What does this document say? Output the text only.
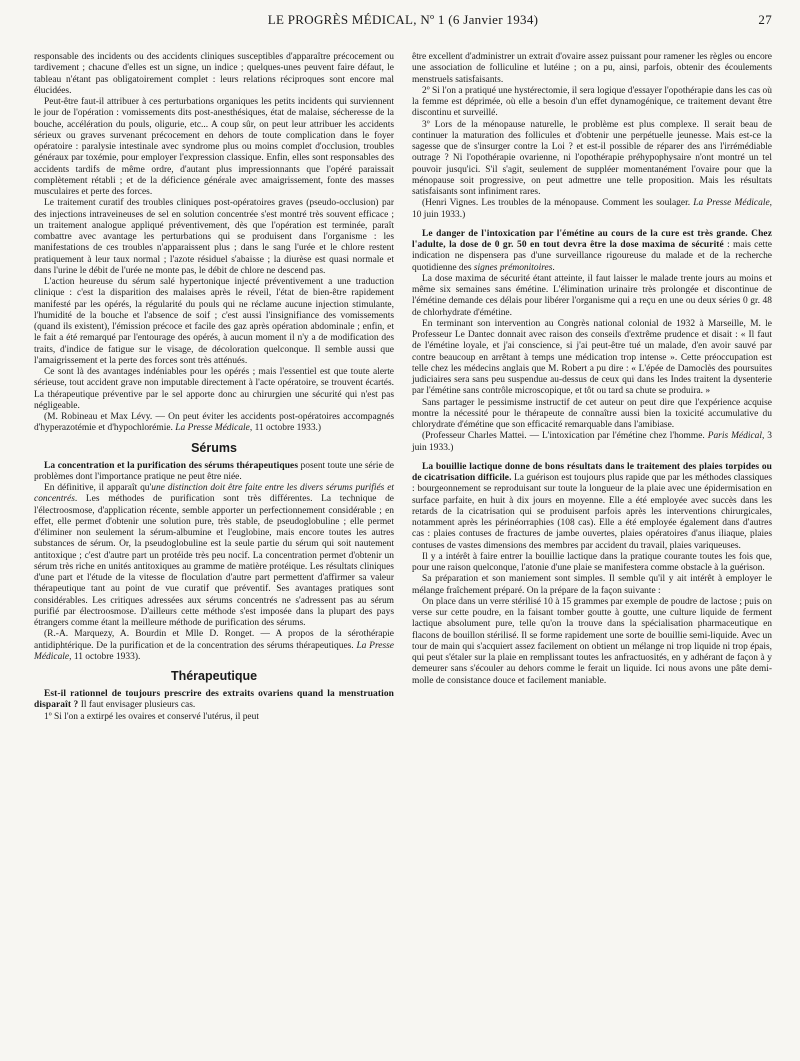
LE PROGRÈS MÉDICAL, Nº 1 (6 Janvier 1934)	27

responsable des incidents ou des accidents cliniques susceptibles d'apparaître précocement ou tardivement ; chacune d'elles est un signe, un indice ; quelques-unes peuvent faire défaut, le tableau n'étant pas obligatoirement complet : leurs relations réciproques sont encore mal élucidées.

Peut-être faut-il attribuer à ces perturbations organiques les petits incidents qui surviennent le jour de l'opération : vomissements dits post-anesthésiques, état de malaise, sécheresse de la bouche, accélération du pouls, oligurie, etc... A coup sûr, on peut leur attribuer les accidents sérieux ou graves survenant précocement en dehors de toute complication dans le foyer opératoire : paralysie intestinale avec syndrome plus ou moins complet d'occlusion, troubles généraux par toxémie, pour employer l'expression classique. Enfin, elles sont responsables des accidents tardifs de même ordre, d'autant plus impressionnants que l'opéré paraissait complètement rétabli ; et de la déficience générale avec amaigrissement, fonte des masses musculaires et perte des forces.

Le traitement curatif des troubles cliniques post-opératoires graves (pseudo-occlusion) par des injections intraveineuses de sel en solution concentrée s'est montré très souvent efficace ; un traitement analogue appliqué préventivement, dès que l'opération est terminée, paraît combattre avec avantage les perturbations qui se produisent dans l'organisme : les manifestations de ces troubles n'apparaissent plus ; dans le sang l'urée et le chlore restent pratiquement à leur taux normal ; l'azote résiduel s'abaisse ; la diurèse est quasi normale et dans l'urine le débit de l'urée ne monte pas, le débit de chlore ne descend pas.

L'action heureuse du sérum salé hypertonique injecté préventivement a une traduction clinique : c'est la disparition des malaises après le réveil, l'état de bien-être rapidement manifesté par les opérés, la régularité du pouls qui ne réclame aucune injection stimulante, l'humidité de la bouche et l'absence de soif ; c'est aussi l'insignifiance des vomissements (quand ils existent), l'émission précoce et facile des gaz après opération abdominale ; enfin, et le fait a été remarqué par l'entourage des opérés, à aucun moment il n'y a de modification des traits, d'indice de fatigue sur le visage, de décoloration quelconque. Il semble aussi que l'amaigrissement et la perte des forces sont très atténués.

Ce sont là des avantages indéniables pour les opérés ; mais l'essentiel est que toute alerte sérieuse, tout accident grave non imputable directement à l'acte opératoire, se trouvent écartés. La thérapeutique préventive par le sel apporte donc au chirurgien une sécurité qui n'est pas négligeable.

(M. Robineau et Max Lévy. — On peut éviter les accidents post-opératoires accompagnés d'hyperazotémie et d'hypochlorémie. La Presse Médicale, 11 octobre 1933.)

Sérums

La concentration et la purification des sérums thérapeutiques posent toute une série de problèmes dont l'importance pratique ne peut être niée.

En définitive, il apparaît qu'une distinction doit être faite entre les divers sérums purifiés et concentrés. Les méthodes de purification sont très différentes. La technique de l'électroosmose, d'application récente, semble apporter un perfectionnement considérable ; en effet, elle permet d'obtenir une solution pure, très stable, de pseudoglobuline ; elle permet d'éliminer non seulement la sérum-albumine et l'euglobine, mais encore toutes les autres substances de sérum. Or, la pseudoglobuline est la seule partie du sérum qui soit nautement antitoxique ; c'est d'autre part un protéide très peu nocif. La concentration permet d'obtenir un sérum très riche en unités antitoxiques au gramme de matière protéique. Les résultats cliniques d'une part et l'étude de la vitesse de floculation d'autre part permettent d'affirmer sa valeur thérapeutique tant au point de vue curatif que préventif. Ses avantages pratiques sont considérables. Les critiques adressées aux sérums concentrés ne s'adressent pas au sérum purifié par électroosmose. D'ailleurs cette méthode s'est imposée dans la plupart des pays étrangers comme étant la meilleure méthode de purification des sérums.

(R.-A. Marquezy, A. Bourdin et Mlle D. Ronget. — A propos de la sérothérapie antidiphtérique. De la purification et de la concentration des sérums thérapeutiques. La Presse Médicale, 11 octobre 1933).

Thérapeutique

Est-il rationnel de toujours prescrire des extraits ovariens quand la menstruation disparaît ? Il faut envisager plusieurs cas.

1º Si l'on a extirpé les ovaires et conservé l'utérus, il peut

être excellent d'administrer un extrait d'ovaire assez puissant pour ramener les règles ou encore une association de folliculine et lutéine ; on a pu, ainsi, parfois, obtenir des écoulements menstruels satisfaisants.

2º Si l'on a pratiqué une hystérectomie, il sera logique d'essayer l'opothérapie dans les cas où la femme est déprimée, où elle a besoin d'un effet dynamogénique, ce traitement devant être discontinu et surveillé.

3º Lors de la ménopause naturelle, le problème est plus complexe. Il serait beau de continuer la maturation des follicules et d'obtenir une perpétuelle jeunesse. Mais est-ce la sagesse que de s'insurger contre la Loi ? et est-il possible de réparer des ans l'irrémédiable outrage ? Ni l'opothérapie ovarienne, ni l'opothérapie préhypophysaire n'ont montré un tel pouvoir jusqu'ici. S'il s'agit, seulement de suppléer momentanément l'ovaire pour que la ménopause soit progressive, on peut admettre une telle proposition. Mais les résultats satisfaisants sont infiniment rares.

(Henri Vignes. Les troubles de la ménopause. Comment les soulager. La Presse Médicale, 10 juin 1933.)

Le danger de l'intoxication par l'émétine au cours de la cure est très grande. Chez l'adulte, la dose de 0 gr. 50 en tout devra être la dose maxima de sécurité : mais cette indication ne dispensera pas d'une surveillance rigoureuse du malade et de la recherche quotidienne des signes prémonitoires.

La dose maxima de sécurité étant atteinte, il faut laisser le malade trente jours au moins et même six semaines sans émétine. L'élimination urinaire très prolongée et discontinue de l'émétine demande ces délais pour libérer l'organisme qui a reçu en une ou deux séries 0 gr. 48 de chlorhydrate d'émétine.

En terminant son intervention au Congrès national colonial de 1932 à Marseille, M. le Professeur Le Dantec donnait avec raison des conseils d'extrême prudence et disait : « Il faut de l'émétine loyale, et j'ai conscience, si j'ai peut-être tué un malade, d'en avoir sauvé par contre beaucoup en arrêtant à temps une médication trop intense ». Cette préoccupation est telle chez les médecins anglais que M. Robert a pu dire : « L'épée de Damoclès des poursuites judiciaires sera sans peu suspendue au-dessus de ceux qui dans les Indes traitent la dysenterie par l'émétine sans contrôle microscopique, et tôt ou tard sa chute se produira. »

Sans partager le pessimisme instructif de cet auteur on peut dire que l'expérience acquise montre la nécessité pour le thérapeute de connaître aussi bien la toxicité accumulative du chlorydrate d'émétine que son efficacité remarquable dans l'amibiase.

(Professeur Charles Mattei. — L'intoxication par l'émétine chez l'homme. Paris Médical, 3 juin 1933.)

La bouillie lactique donne de bons résultats dans le traitement des plaies torpides ou de cicatrisation difficile. La guérison est toujours plus rapide que par les méthodes classiques : bourgeonnement se reproduisant sur toute la longueur de la plaie avec une épidermisation en surface parfaite, en huit à dix jours en moyenne. Elle a été employée avec succès dans les retards de la cicatrisation qui se produisent parfois après les interventions chirurgicales, notamment après les périnéorraphies (108 cas). Elle a été employée également dans d'autres cas : plaies contuses de fractures de jambe ouvertes, plaies opératoires d'anus iliaque, plaies contuses de vastes dimensions des membres par accident du travail, plaies variqueuses.

Il y a intérêt à faire entrer la bouillie lactique dans la pratique courante toutes les fois que, pour une raison quelconque, l'atonie d'une plaie se manifestera comme obstacle à la guérison.

Sa préparation et son maniement sont simples. Il semble qu'il y ait intérêt à employer le mélange fraîchement préparé. On la prépare de la façon suivante :

On place dans un verre stérilisé 10 à 15 grammes par exemple de poudre de lactose ; puis on verse sur cette poudre, en la faisant tomber goutte à goutte, une culture liquide de ferment lactique absolument pure, telle qu'on la trouve dans la spécialisation pharmaceutique en flacons de bouillon stérilisé. Il se forme rapidement une sorte de bouillie semi-liquide. Avec un tour de main qui s'acquiert assez facilement on obtient un mélange ni trop liquide ni trop épais, qui peut s'étaler sur la plaie en remplissant toutes les anfractuosités, en y adhérant de façon à y demeurer sans s'écouler au dehors comme le ferait un liquide. Ici nous avons une pâte demi-molle de consistance douce et facilement maniable.
